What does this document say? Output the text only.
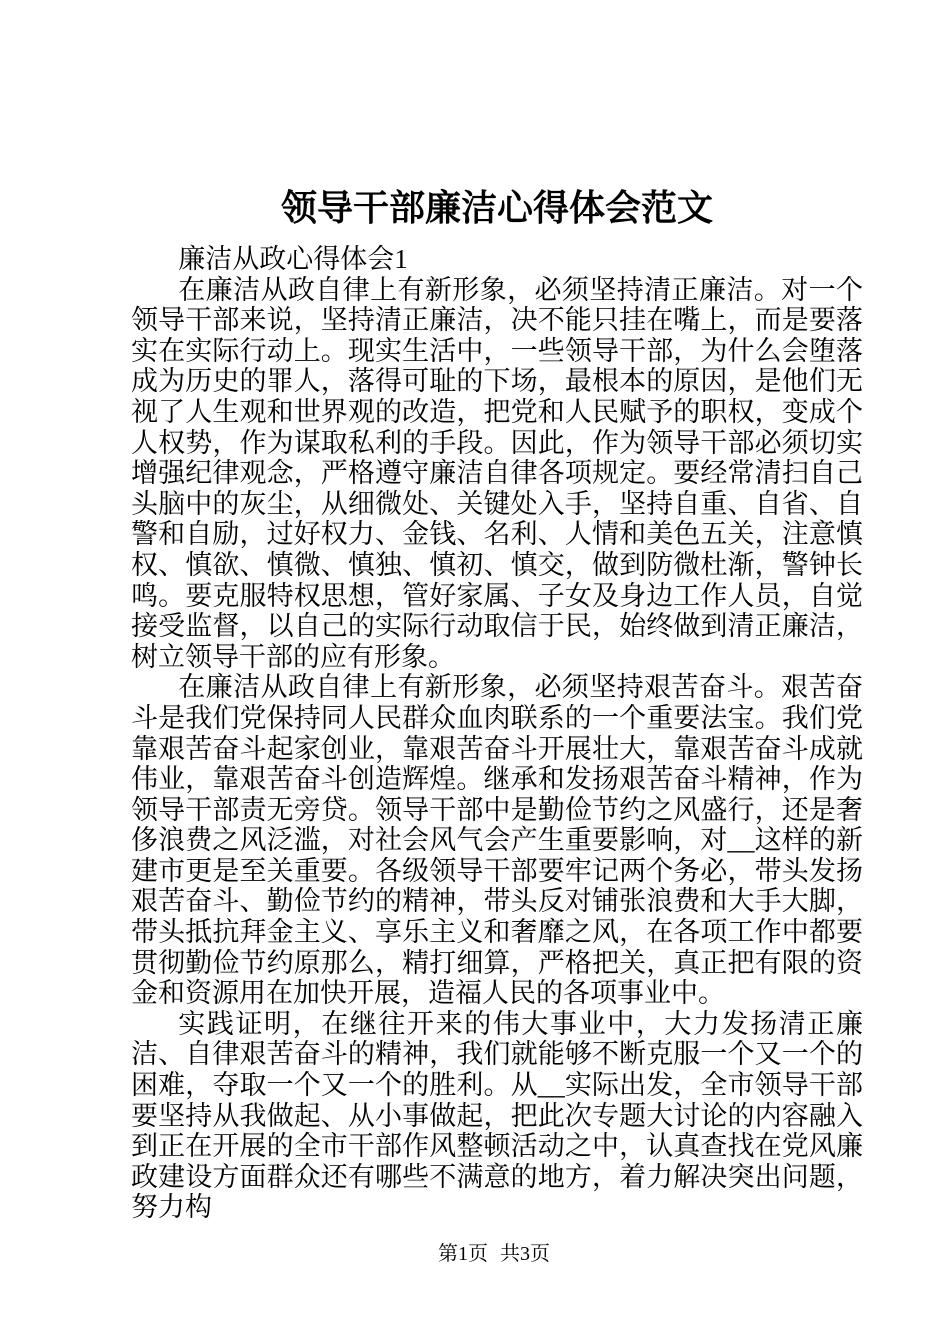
领导干部廉洁心得体会范文

廉洁从政心得体会1

在廉洁从政自律上有新形象，必须坚持清正廉洁。对一个领导干部来说，坚持清正廉洁，决不能只挂在嘴上，而是要落实在实际行动上。现实生活中，一些领导干部，为什么会堕落成为历史的罪人，落得可耻的下场，最根本的原因，是他们无视了人生观和世界观的改造，把党和人民赋予的职权，变成个人权势，作为谋取私利的手段。因此，作为领导干部必须切实增强纪律观念，严格遵守廉洁自律各项规定。要经常清扫自己头脑中的灰尘，从细微处、关键处入手，坚持自重、自省、自警和自励，过好权力、金钱、名利、人情和美色五关，注意慎权、慎欲、慎微、慎独、慎初、慎交，做到防微杜渐，警钟长鸣。要克服特权思想，管好家属、子女及身边工作人员，自觉接受监督，以自己的实际行动取信于民，始终做到清正廉洁，树立领导干部的应有形象。

在廉洁从政自律上有新形象，必须坚持艰苦奋斗。艰苦奋斗是我们党保持同人民群众血肉联系的一个重要法宝。我们党靠艰苦奋斗起家创业，靠艰苦奋斗开展壮大，靠艰苦奋斗成就伟业，靠艰苦奋斗创造辉煌。继承和发扬艰苦奋斗精神，作为领导干部责无旁贷。领导干部中是勤俭节约之风盛行，还是奢侈浪费之风泛滥，对社会风气会产生重要影响，对__这样的新建市更是至关重要。各级领导干部要牢记两个务必，带头发扬艰苦奋斗、勤俭节约的精神，带头反对铺张浪费和大手大脚，带头抵抗拜金主义、享乐主义和奢靡之风，在各项工作中都要贯彻勤俭节约原那么，精打细算，严格把关，真正把有限的资金和资源用在加快开展，造福人民的各项事业中。

实践证明，在继往开来的伟大事业中，大力发扬清正廉洁、自律艰苦奋斗的精神，我们就能够不断克服一个又一个的困难，夺取一个又一个的胜利。从__实际出发，全市领导干部要坚持从我做起、从小事做起，把此次专题大讨论的内容融入到正在开展的全市干部作风整顿活动之中，认真查找在党风廉政建设方面群众还有哪些不满意的地方，着力解决突出问题，努力构

第1页 共3页
